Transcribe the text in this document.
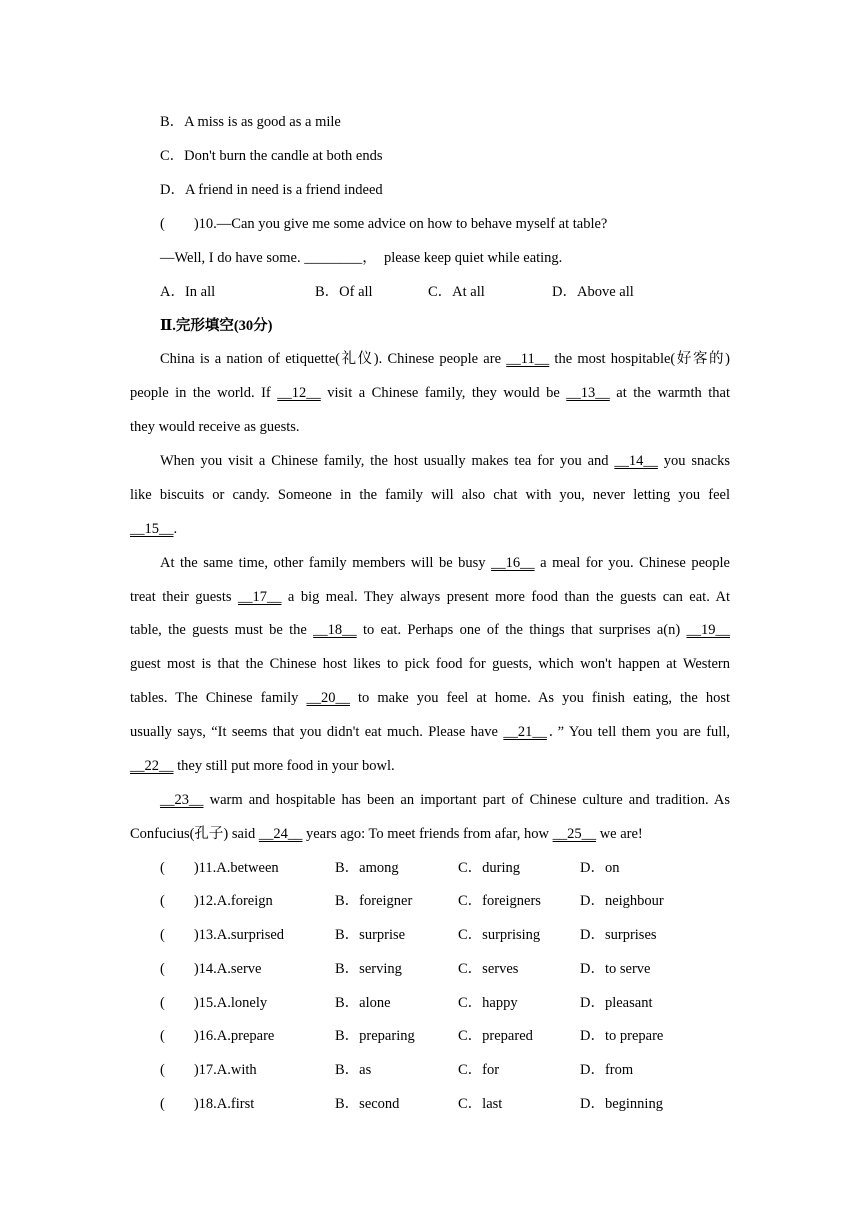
B．A miss is as good as a mile
C．Don't burn the candle at both ends
D．A friend in need is a friend indeed
(　　)10.—Can you give me some advice on how to behave myself at table?
—Well, I do have some. ________，　please keep quiet while eating.
A．In all	B．Of all	C．At all	D．Above all
Ⅱ.完形填空(30分)
China is a nation of etiquette(礼仪). Chinese people are __11__ the most hospitable(好客的)
people in the world. If __12__ visit a Chinese family, they would be __13__ at the warmth that
they would receive as guests.
When you visit a Chinese family, the host usually makes tea for you and __14__ you snacks
like biscuits or candy. Someone in the family will also chat with you, never letting you feel
__15__.
At the same time, other family members will be busy __16__ a meal for you. Chinese people
treat their guests __17__ a big meal. They always present more food than the guests can eat. At
table, the guests must be the __18__ to eat. Perhaps one of the things that surprises a(n) __19__
guest most is that the Chinese host likes to pick food for guests, which won't happen at Western
tables. The Chinese family __20__ to make you feel at home. As you finish eating, the host
usually says, “It seems that you didn't eat much. Please have __21__．” You tell them you are full,
__22__ they still put more food in your bowl.
__23__ warm and hospitable has been an important part of Chinese culture and tradition. As
Confucius(孔子) said __24__ years ago: To meet friends from afar, how __25__ we are!
(　　)11.A.between	B．among	C．during	D．on
(　　)12.A.foreign	B．foreigner	C．foreigners	D．neighbour
(　　)13.A.surprised	B．surprise	C．surprising	D．surprises
(　　)14.A.serve	B．serving	C．serves	D．to serve
(　　)15.A.lonely	B．alone	C．happy	D．pleasant
(　　)16.A.prepare	B．preparing	C．prepared	D．to prepare
(　　)17.A.with	B．as	C．for	D．from
(　　)18.A.first	B．second	C．last	D．beginning
